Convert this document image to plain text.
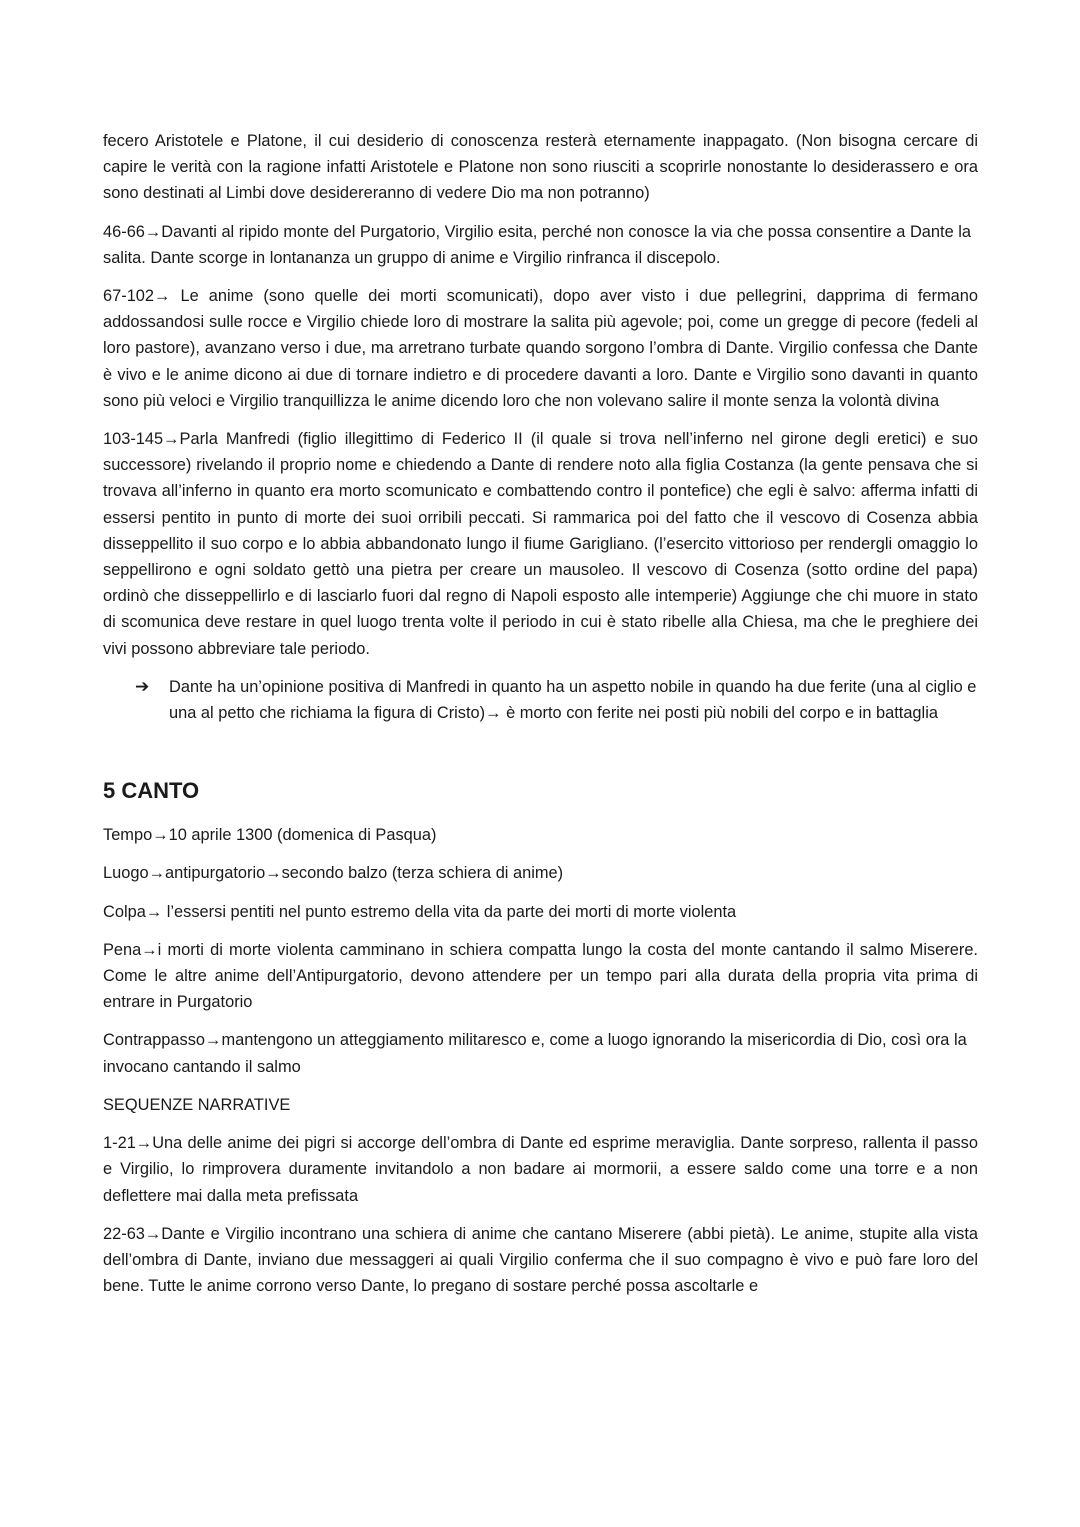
fecero Aristotele e Platone, il cui desiderio di conoscenza resterà eternamente inappagato. (Non bisogna cercare di capire le verità con la ragione infatti Aristotele e Platone non sono riusciti a scoprirle nonostante lo desiderassero e ora sono destinati al Limbi dove desidereranno di vedere Dio ma non potranno)

46-66→Davanti al ripido monte del Purgatorio, Virgilio esita, perché non conosce la via che possa consentire a Dante la salita. Dante scorge in lontananza un gruppo di anime e Virgilio rinfranca il discepolo.

67-102→ Le anime (sono quelle dei morti scomunicati), dopo aver visto i due pellegrini, dapprima di fermano addossandosi sulle rocce e Virgilio chiede loro di mostrare la salita più agevole; poi, come un gregge di pecore (fedeli al loro pastore), avanzano verso i due, ma arretrano turbate quando sorgono l’ombra di Dante. Virgilio confessa che Dante è vivo e le anime dicono ai due di tornare indietro e di procedere davanti a loro. Dante e Virgilio sono davanti in quanto sono più veloci e Virgilio tranquillizza le anime dicendo loro che non volevano salire il monte senza la volontà divina

103-145→Parla Manfredi (figlio illegittimo di Federico II (il quale si trova nell’inferno nel girone degli eretici) e suo successore) rivelando il proprio nome e chiedendo a Dante di rendere noto alla figlia Costanza (la gente pensava che si trovava all’inferno in quanto era morto scomunicato e combattendo contro il pontefice) che egli è salvo: afferma infatti di essersi pentito in punto di morte dei suoi orribili peccati. Si rammarica poi del fatto che il vescovo di Cosenza abbia disseppellito il suo corpo e lo abbia abbandonato lungo il fiume Garigliano. (l’esercito vittorioso per rendergli omaggio lo seppellirono e ogni soldato gettò una pietra per creare un mausoleo. Il vescovo di Cosenza (sotto ordine del papa) ordinò che disseppellirlo e di lasciarlo fuori dal regno di Napoli esposto alle intemperie) Aggiunge che chi muore in stato di scomunica deve restare in quel luogo trenta volte il periodo in cui è stato ribelle alla Chiesa, ma che le preghiere dei vivi possono abbreviare tale periodo.

➔	Dante ha un’opinione positiva di Manfredi in quanto ha un aspetto nobile in quando ha due ferite (una al ciglio e una al petto che richiama la figura di Cristo)→ è morto con ferite nei posti più nobili del corpo e in battaglia
5 CANTO

Tempo→10 aprile 1300 (domenica di Pasqua)

Luogo→antipurgatorio→secondo balzo (terza schiera di anime)

Colpa→ l’essersi pentiti nel punto estremo della vita da parte dei morti di morte violenta

Pena→i morti di morte violenta camminano in schiera compatta lungo la costa del monte cantando il salmo Miserere. Come le altre anime dell’Antipurgatorio, devono attendere per un tempo pari alla durata della propria vita prima di entrare in Purgatorio

Contrappasso→mantengono un atteggiamento militaresco e, come a luogo ignorando la misericordia di Dio, così ora la invocano cantando il salmo

SEQUENZE NARRATIVE

1-21→Una delle anime dei pigri si accorge dell’ombra di Dante ed esprime meraviglia. Dante sorpreso, rallenta il passo e Virgilio, lo rimprovera duramente invitandolo a non badare ai mormorii, a essere saldo come una torre e a non deflettere mai dalla meta prefissata

22-63→Dante e Virgilio incontrano una schiera di anime che cantano Miserere (abbi pietà). Le anime, stupite alla vista dell’ombra di Dante, inviano due messaggeri ai quali Virgilio conferma che il suo compagno è vivo e può fare loro del bene. Tutte le anime corrono verso Dante, lo pregano di sostare perché possa ascoltarle e
